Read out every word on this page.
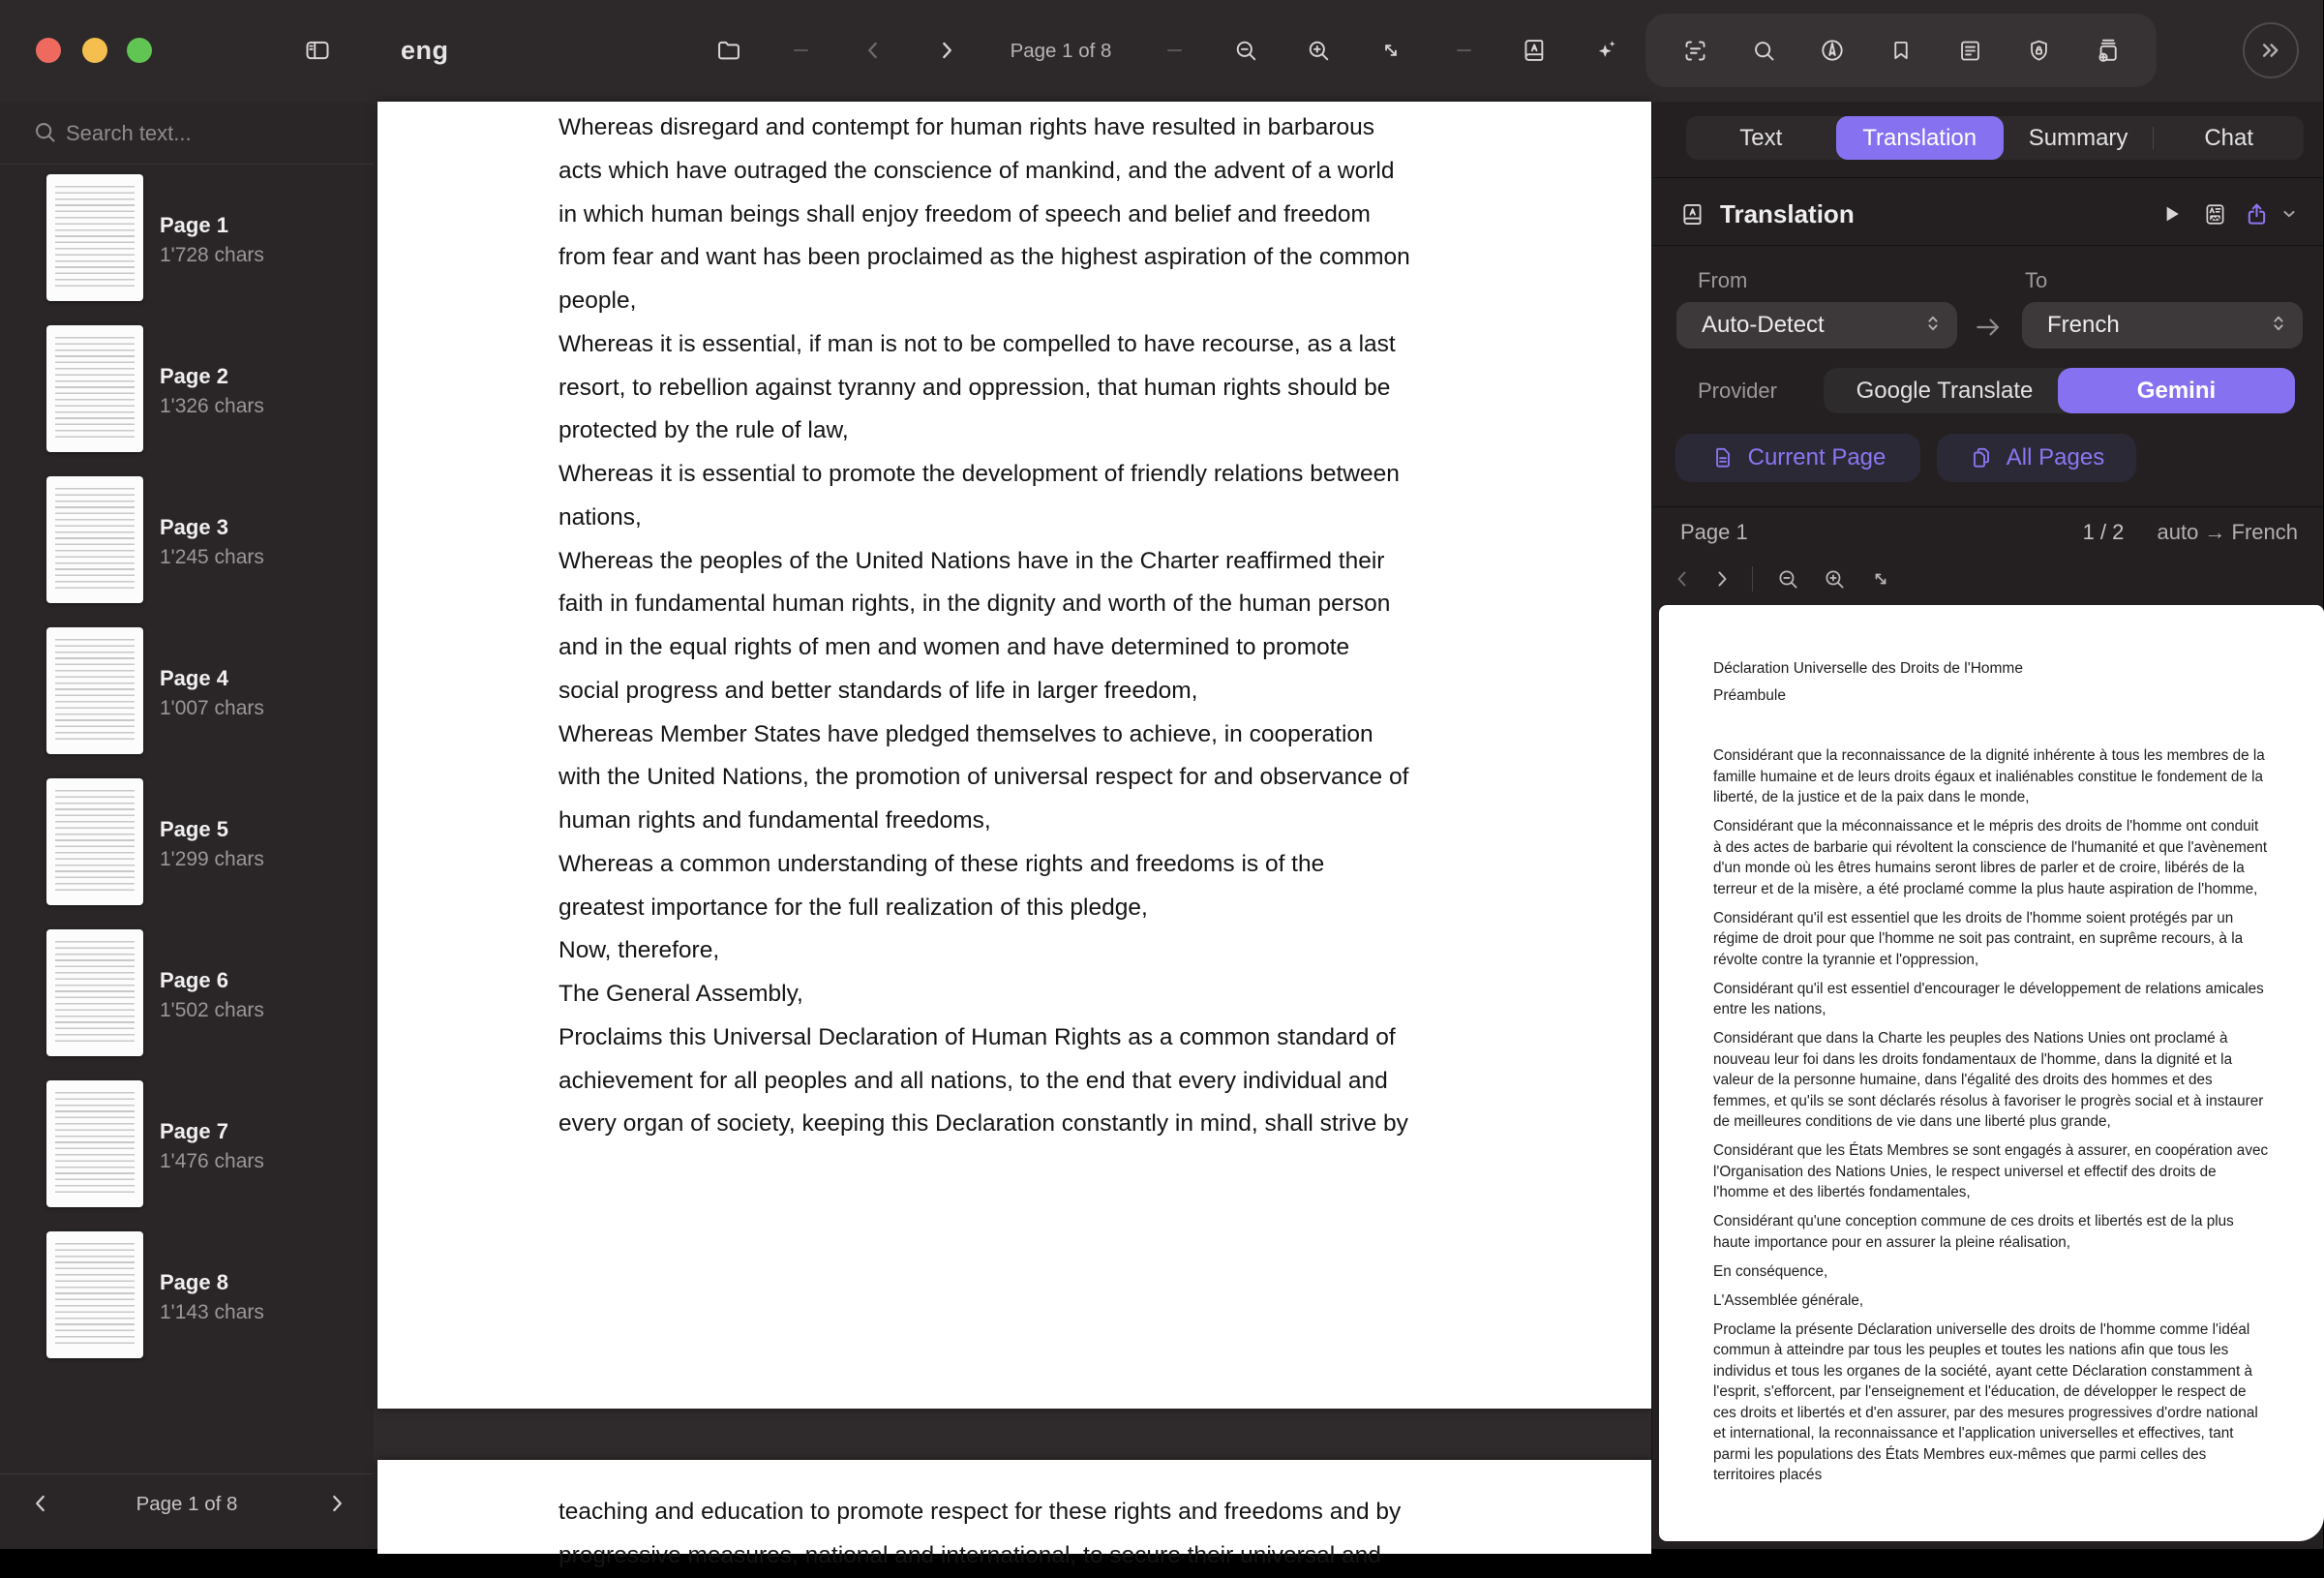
eng	Page 1 of 8
Search text...
Page 1
1'728 chars
Page 2
1'326 chars
Page 3
1'245 chars
Page 4
1'007 chars
Page 5
1'299 chars
Page 6
1'502 chars
Page 7
1'476 chars
Page 8
1'143 chars
Page 1 of 8
Whereas disregard and contempt for human rights have resulted in barbarous
acts which have outraged the conscience of mankind, and the advent of a world
in which human beings shall enjoy freedom of speech and belief and freedom
from fear and want has been proclaimed as the highest aspiration of the common
people,
Whereas it is essential, if man is not to be compelled to have recourse, as a last
resort, to rebellion against tyranny and oppression, that human rights should be
protected by the rule of law,
Whereas it is essential to promote the development of friendly relations between
nations,
Whereas the peoples of the United Nations have in the Charter reaffirmed their
faith in fundamental human rights, in the dignity and worth of the human person
and in the equal rights of men and women and have determined to promote
social progress and better standards of life in larger freedom,
Whereas Member States have pledged themselves to achieve, in cooperation
with the United Nations, the promotion of universal respect for and observance of
human rights and fundamental freedoms,
Whereas a common understanding of these rights and freedoms is of the
greatest importance for the full realization of this pledge,
Now, therefore,
The General Assembly,
Proclaims this Universal Declaration of Human Rights as a common standard of
achievement for all peoples and all nations, to the end that every individual and
every organ of society, keeping this Declaration constantly in mind, shall strive by
teaching and education to promote respect for these rights and freedoms and by
progressive measures, national and international, to secure their universal and
Text	Translation	Summary	Chat
Translation
From	To
Auto-Detect	French
Provider	Google Translate	Gemini
Current Page	All Pages
Page 1	1 / 2	auto → French

Déclaration Universelle des Droits de l'Homme

Préambule

Considérant que la reconnaissance de la dignité inhérente à tous les membres de la famille humaine et de leurs droits égaux et inaliénables constitue le fondement de la liberté, de la justice et de la paix dans le monde,

Considérant que la méconnaissance et le mépris des droits de l'homme ont conduit à des actes de barbarie qui révoltent la conscience de l'humanité et que l'avènement d'un monde où les êtres humains seront libres de parler et de croire, libérés de la terreur et de la misère, a été proclamé comme la plus haute aspiration de l'homme,

Considérant qu'il est essentiel que les droits de l'homme soient protégés par un régime de droit pour que l'homme ne soit pas contraint, en suprême recours, à la révolte contre la tyrannie et l'oppression,

Considérant qu'il est essentiel d'encourager le développement de relations amicales entre les nations,

Considérant que dans la Charte les peuples des Nations Unies ont proclamé à nouveau leur foi dans les droits fondamentaux de l'homme, dans la dignité et la valeur de la personne humaine, dans l'égalité des droits des hommes et des femmes, et qu'ils se sont déclarés résolus à favoriser le progrès social et à instaurer de meilleures conditions de vie dans une liberté plus grande,

Considérant que les États Membres se sont engagés à assurer, en coopération avec l'Organisation des Nations Unies, le respect universel et effectif des droits de l'homme et des libertés fondamentales,

Considérant qu'une conception commune de ces droits et libertés est de la plus haute importance pour en assurer la pleine réalisation,

En conséquence,

L'Assemblée générale,

Proclame la présente Déclaration universelle des droits de l'homme comme l'idéal commun à atteindre par tous les peuples et toutes les nations afin que tous les individus et tous les organes de la société, ayant cette Déclaration constamment à l'esprit, s'efforcent, par l'enseignement et l'éducation, de développer le respect de ces droits et libertés et d'en assurer, par des mesures progressives d'ordre national et international, la reconnaissance et l'application universelles et effectives, tant parmi les populations des États Membres eux-mêmes que parmi celles des territoires placés
